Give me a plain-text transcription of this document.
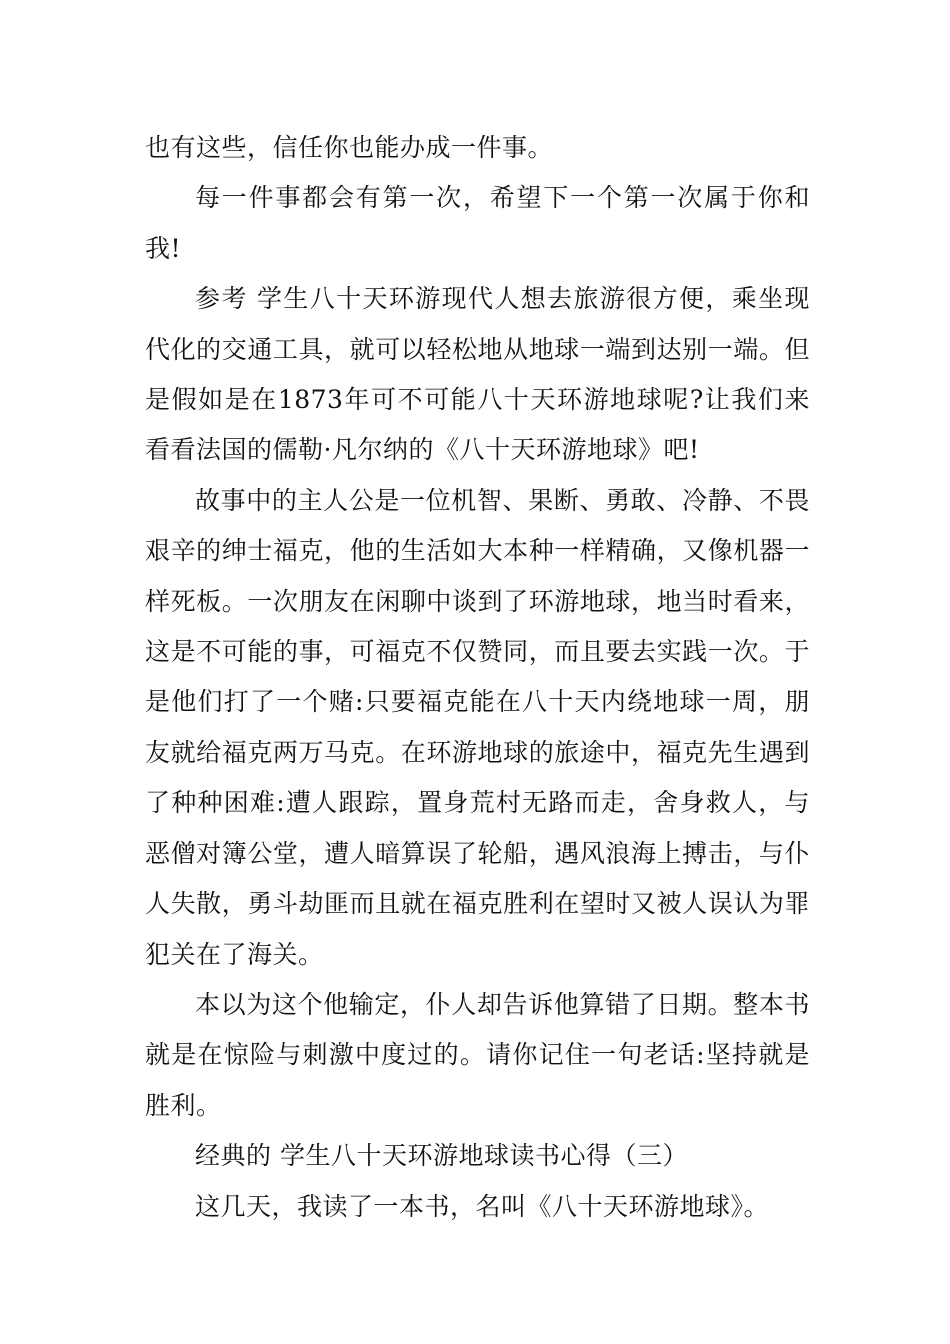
也有这些，信任你也能办成一件事。

每一件事都会有第一次，希望下一个第一次属于你和我!

参考 学生八十天环游现代人想去旅游很方便，乘坐现代化的交通工具，就可以轻松地从地球一端到达别一端。但是假如是在1873年可不可能八十天环游地球呢?让我们来看看法国的儒勒·凡尔纳的《八十天环游地球》吧!

故事中的主人公是一位机智、果断、勇敢、冷静、不畏艰辛的绅士福克，他的生活如大本种一样精确，又像机器一样死板。一次朋友在闲聊中谈到了环游地球，地当时看来，这是不可能的事，可福克不仅赞同，而且要去实践一次。于是他们打了一个赌:只要福克能在八十天内绕地球一周，朋友就给福克两万马克。在环游地球的旅途中，福克先生遇到了种种困难:遭人跟踪，置身荒村无路而走，舍身救人，与恶僧对簿公堂，遭人暗算误了轮船，遇风浪海上搏击，与仆人失散，勇斗劫匪而且就在福克胜利在望时又被人误认为罪犯关在了海关。

本以为这个他输定，仆人却告诉他算错了日期。整本书就是在惊险与刺激中度过的。请你记住一句老话:坚持就是胜利。

经典的 学生八十天环游地球读书心得（三）

这几天，我读了一本书，名叫《八十天环游地球》。
